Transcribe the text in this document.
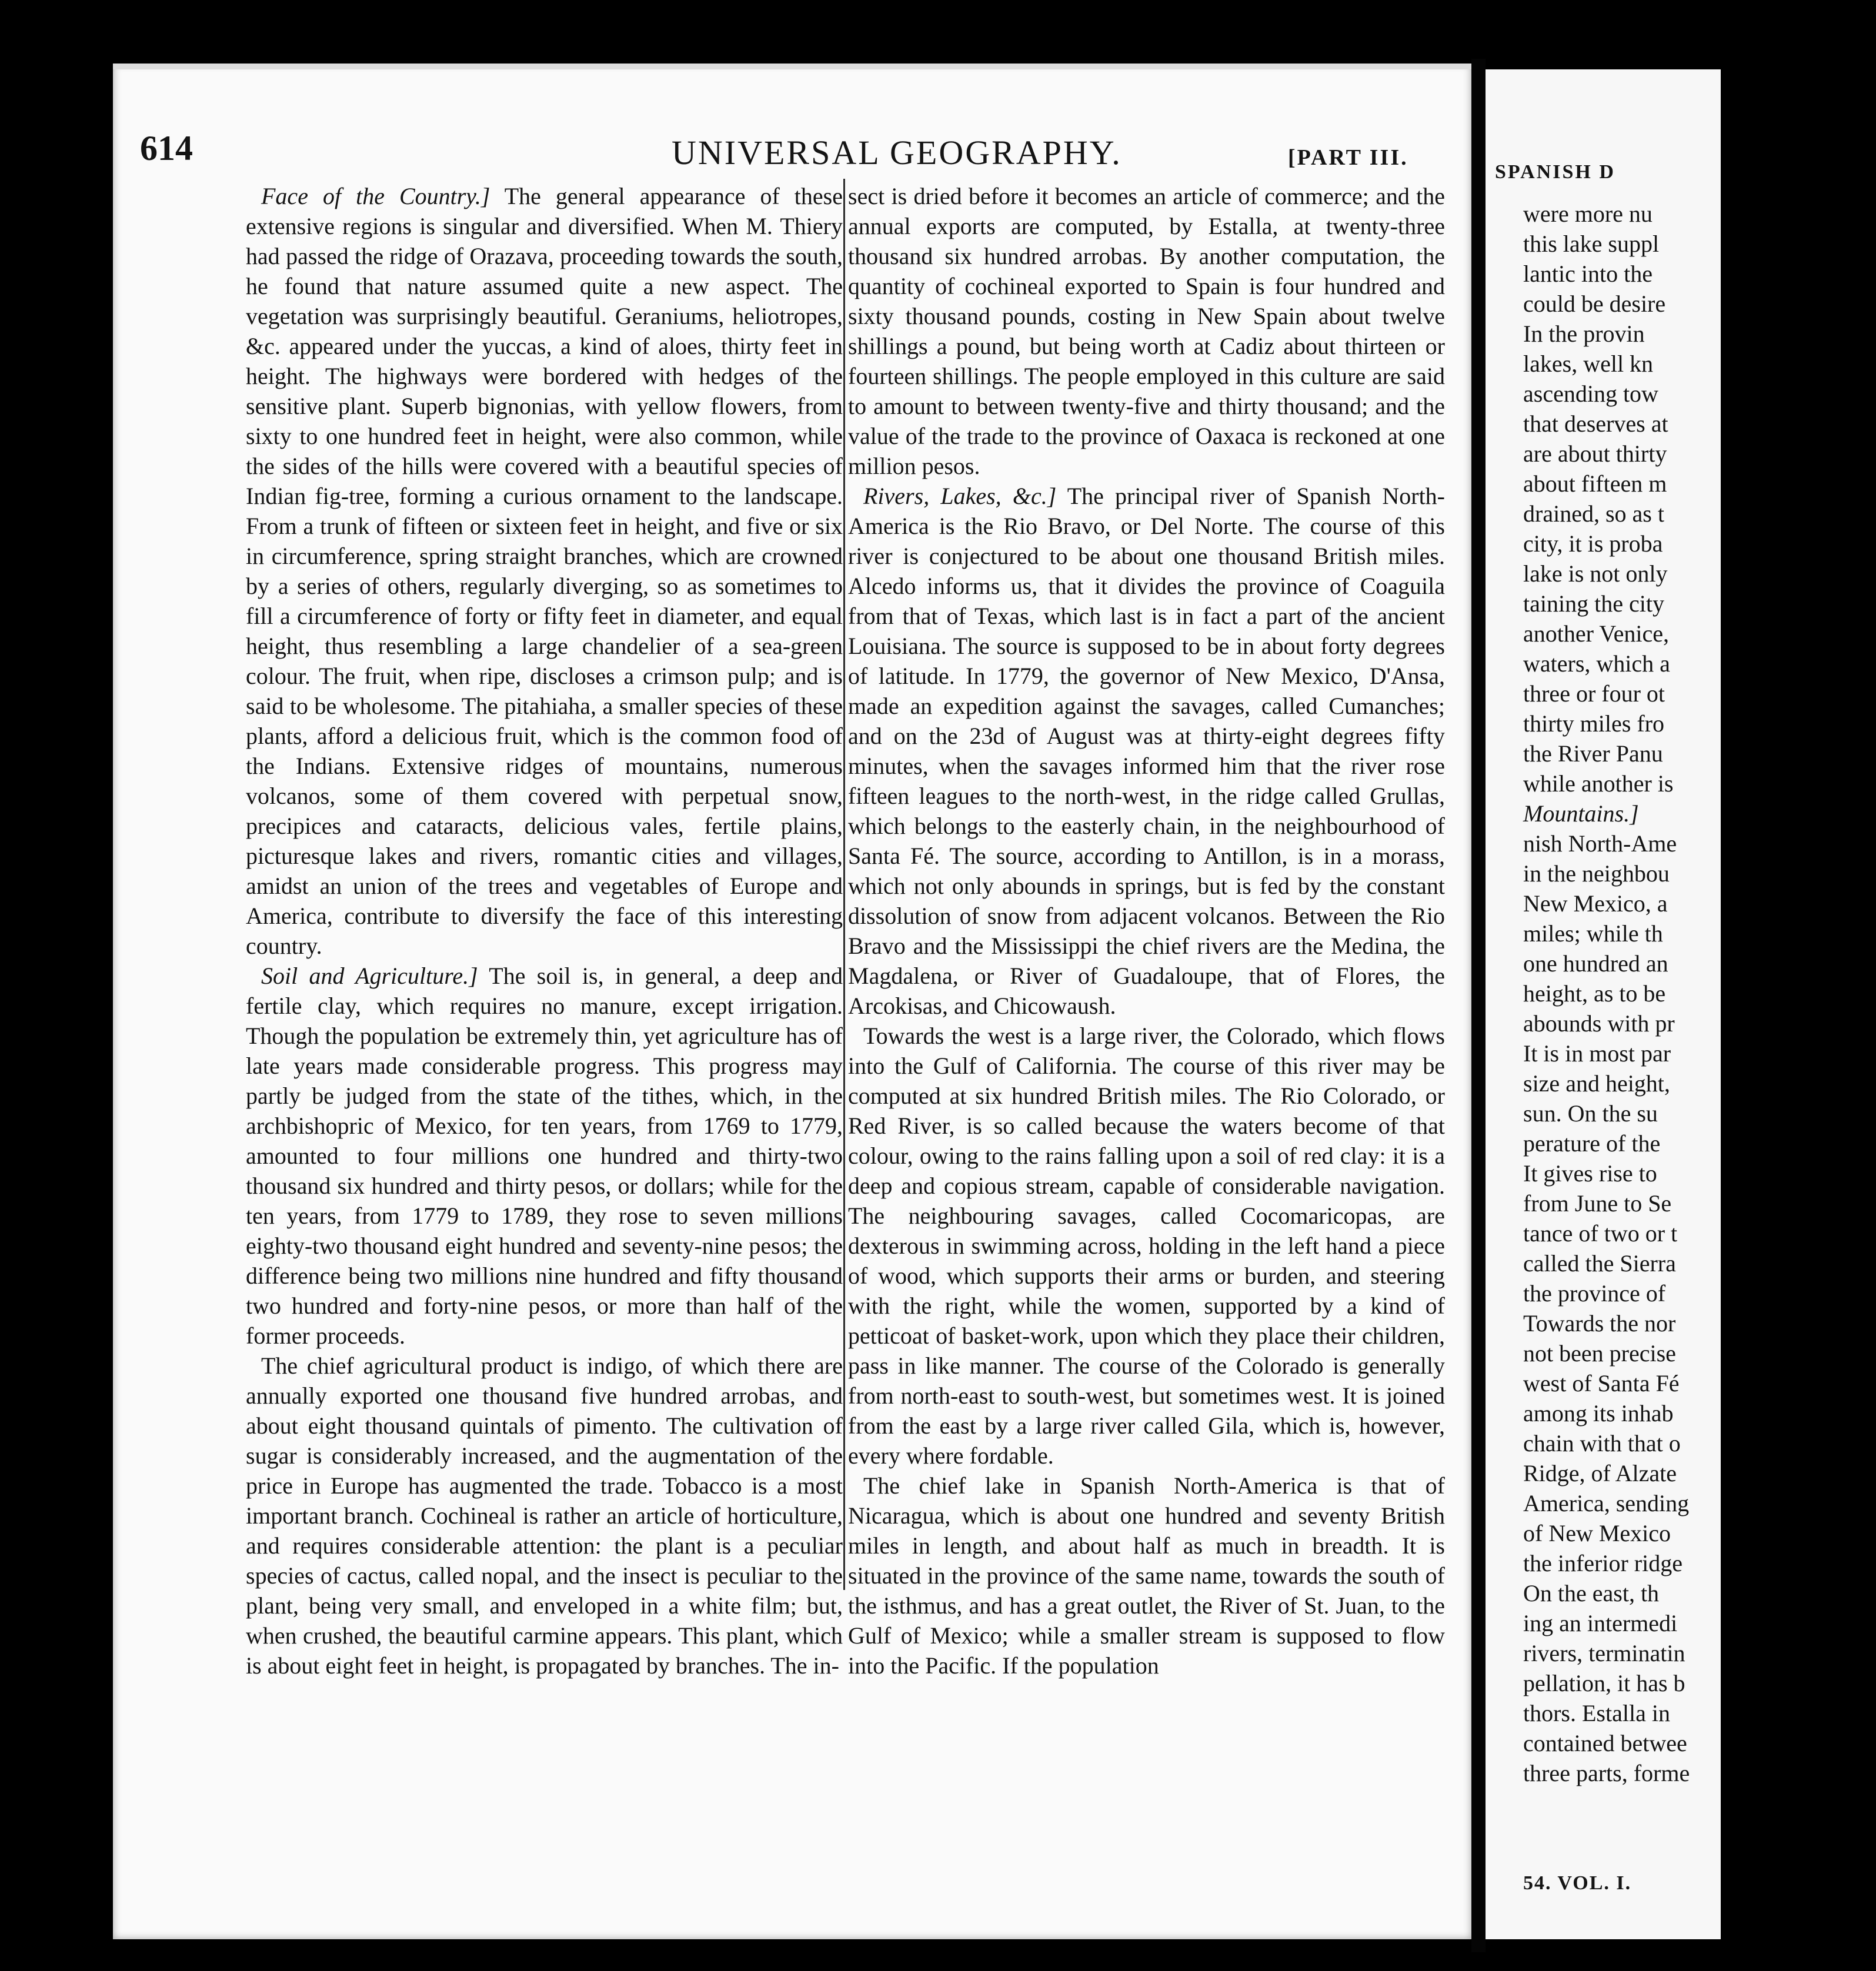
614	UNIVERSAL GEOGRAPHY.	[PART III.

Face of the Country.] The general appearance of these extensive regions is singular and diversified. When M. Thiery had passed the ridge of Orazava, proceeding towards the south, he found that nature assumed quite a new aspect. The vegetation was surprisingly beautiful. Geraniums, heliotropes, &c. appeared under the yuccas, a kind of aloes, thirty feet in height. The highways were bordered with hedges of the sensitive plant. Superb bignonias, with yellow flowers, from sixty to one hundred feet in height, were also common, while the sides of the hills were covered with a beautiful species of Indian fig-tree, forming a curious ornament to the landscape. From a trunk of fifteen or sixteen feet in height, and five or six in circumference, spring straight branches, which are crowned by a series of others, regularly diverging, so as sometimes to fill a circumference of forty or fifty feet in diameter, and equal height, thus resembling a large chandelier of a sea-green colour. The fruit, when ripe, discloses a crimson pulp; and is said to be wholesome. The pitahiaha, a smaller species of these plants, afford a delicious fruit, which is the common food of the Indians. Extensive ridges of mountains, numerous volcanos, some of them covered with perpetual snow, precipices and cataracts, delicious vales, fertile plains, picturesque lakes and rivers, romantic cities and villages, amidst an union of the trees and vegetables of Europe and America, contribute to diversify the face of this interesting country.

Soil and Agriculture.] The soil is, in general, a deep and fertile clay, which requires no manure, except irrigation. Though the population be extremely thin, yet agriculture has of late years made considerable progress. This progress may partly be judged from the state of the tithes, which, in the archbishopric of Mexico, for ten years, from 1769 to 1779, amounted to four millions one hundred and thirty-two thousand six hundred and thirty pesos, or dollars; while for the ten years, from 1779 to 1789, they rose to seven millions eighty-two thousand eight hundred and seventy-nine pesos; the difference being two millions nine hundred and fifty thousand two hundred and forty-nine pesos, or more than half of the former proceeds.

The chief agricultural product is indigo, of which there are annually exported one thousand five hundred arrobas, and about eight thousand quintals of pimento. The cultivation of sugar is considerably increased, and the augmentation of the price in Europe has augmented the trade. Tobacco is a most important branch. Cochineal is rather an article of horticulture, and requires considerable attention: the plant is a peculiar species of cactus, called nopal, and the insect is peculiar to the plant, being very small, and enveloped in a white film; but, when crushed, the beautiful carmine appears. This plant, which is about eight feet in height, is propagated by branches. The in-

sect is dried before it becomes an article of commerce; and the annual exports are computed, by Estalla, at twenty-three thousand six hundred arrobas. By another computation, the quantity of cochineal exported to Spain is four hundred and sixty thousand pounds, costing in New Spain about twelve shillings a pound, but being worth at Cadiz about thirteen or fourteen shillings. The people employed in this culture are said to amount to between twenty-five and thirty thousand; and the value of the trade to the province of Oaxaca is reckoned at one million pesos.

Rivers, Lakes, &c.] The principal river of Spanish North-America is the Rio Bravo, or Del Norte. The course of this river is conjectured to be about one thousand British miles. Alcedo informs us, that it divides the province of Coaguila from that of Texas, which last is in fact a part of the ancient Louisiana. The source is supposed to be in about forty degrees of latitude. In 1779, the governor of New Mexico, D'Ansa, made an expedition against the savages, called Cumanches; and on the 23d of August was at thirty-eight degrees fifty minutes, when the savages informed him that the river rose fifteen leagues to the north-west, in the ridge called Grullas, which belongs to the easterly chain, in the neighbourhood of Santa Fé. The source, according to Antillon, is in a morass, which not only abounds in springs, but is fed by the constant dissolution of snow from adjacent volcanos. Between the Rio Bravo and the Mississippi the chief rivers are the Medina, the Magdalena, or River of Guadaloupe, that of Flores, the Arcokisas, and Chicowaush.

Towards the west is a large river, the Colorado, which flows into the Gulf of California. The course of this river may be computed at six hundred British miles. The Rio Colorado, or Red River, is so called because the waters become of that colour, owing to the rains falling upon a soil of red clay: it is a deep and copious stream, capable of considerable navigation. The neighbouring savages, called Cocomaricopas, are dexterous in swimming across, holding in the left hand a piece of wood, which supports their arms or burden, and steering with the right, while the women, supported by a kind of petticoat of basket-work, upon which they place their children, pass in like manner. The course of the Colorado is generally from north-east to south-west, but sometimes west. It is joined from the east by a large river called Gila, which is, however, every where fordable.

The chief lake in Spanish North-America is that of Nicaragua, which is about one hundred and seventy British miles in length, and about half as much in breadth. It is situated in the province of the same name, towards the south of the isthmus, and has a great outlet, the River of St. Juan, to the Gulf of Mexico; while a smaller stream is supposed to flow into the Pacific. If the population

SPANISH D

were more nu

this lake suppl

lantic into the

could be desire

In the provin

lakes, well kn

ascending tow

that deserves at

are about thirty

about fifteen m

drained, so as t

city, it is proba

lake is not only

taining the city

another Venice,

waters, which a

three or four ot

thirty miles fro

the River Panu

while another is

Mountains.]

nish North-Ame

in the neighbou

New Mexico, a

miles; while th

one hundred an

height, as to be

abounds with pr

It is in most par

size and height,

sun. On the su

perature of the

It gives rise to

from June to Se

tance of two or t

called the Sierra

the province of

Towards the nor

not been precise

west of Santa Fé

among its inhab

chain with that o

Ridge, of Alzate

America, sending

of New Mexico

the inferior ridge

On the east, th

ing an intermedi

rivers, terminatin

pellation, it has b

thors. Estalla in

contained betwee

three parts, forme

54. VOL. I.
